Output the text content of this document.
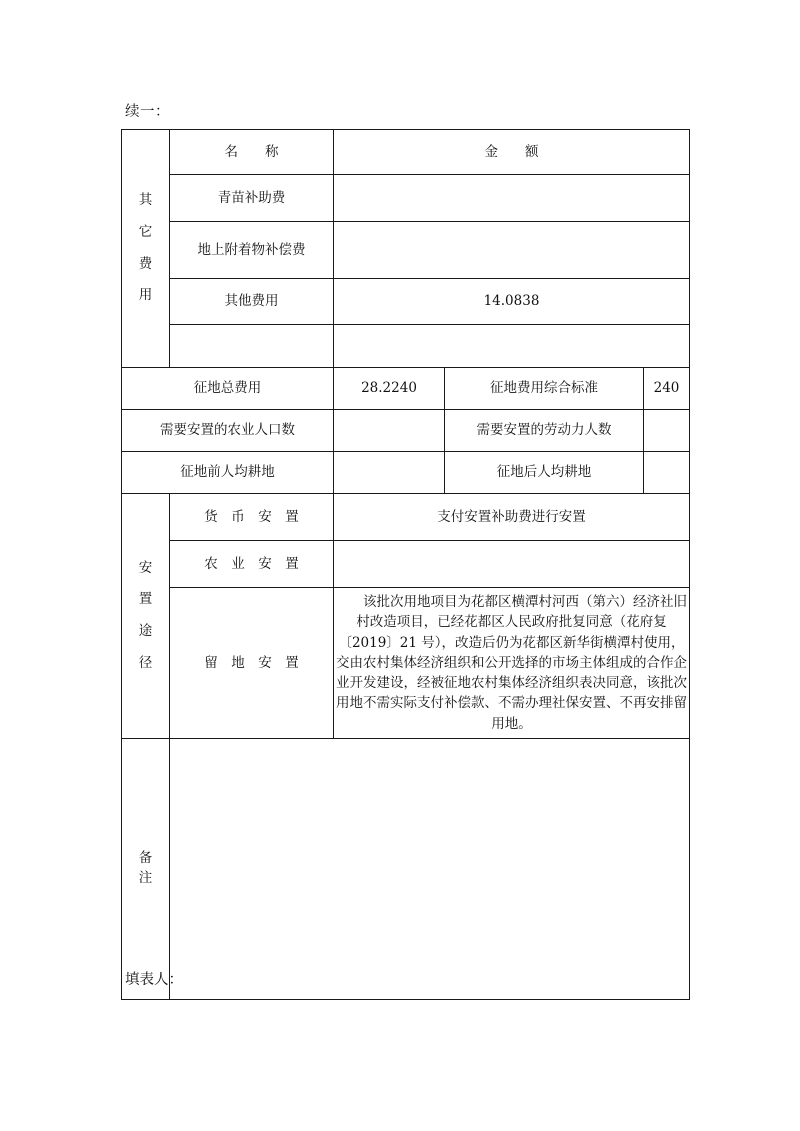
续一：
其
它
费
用	名　　称	金　　额		
	青苗补助费			
	地上附着物补偿费			
	其他费用	14.0838		

征地总费用		28.2240	征地费用综合标准	240
需要安置的农业人口数			需要安置的劳动力人数	
征地前人均耕地			征地后人均耕地	

安
置
途
径	货　币　安　置	支付安置补助费进行安置		
	农　业　安　置			
	留　地　安　置	该批次用地项目为花都区横潭村河西（第六）经济社旧村改造项目，已经花都区人民政府批复同意（花府复〔2019〕21 号），改造后仍为花都区新华街横潭村使用，交由农村集体经济组织和公开选择的市场主体组成的合作企业开发建设，经被征地农村集体经济组织表决同意，该批次用地不需实际支付补偿款、不需办理社保安置、不再安排留用地。		

备
注				

填表人：
